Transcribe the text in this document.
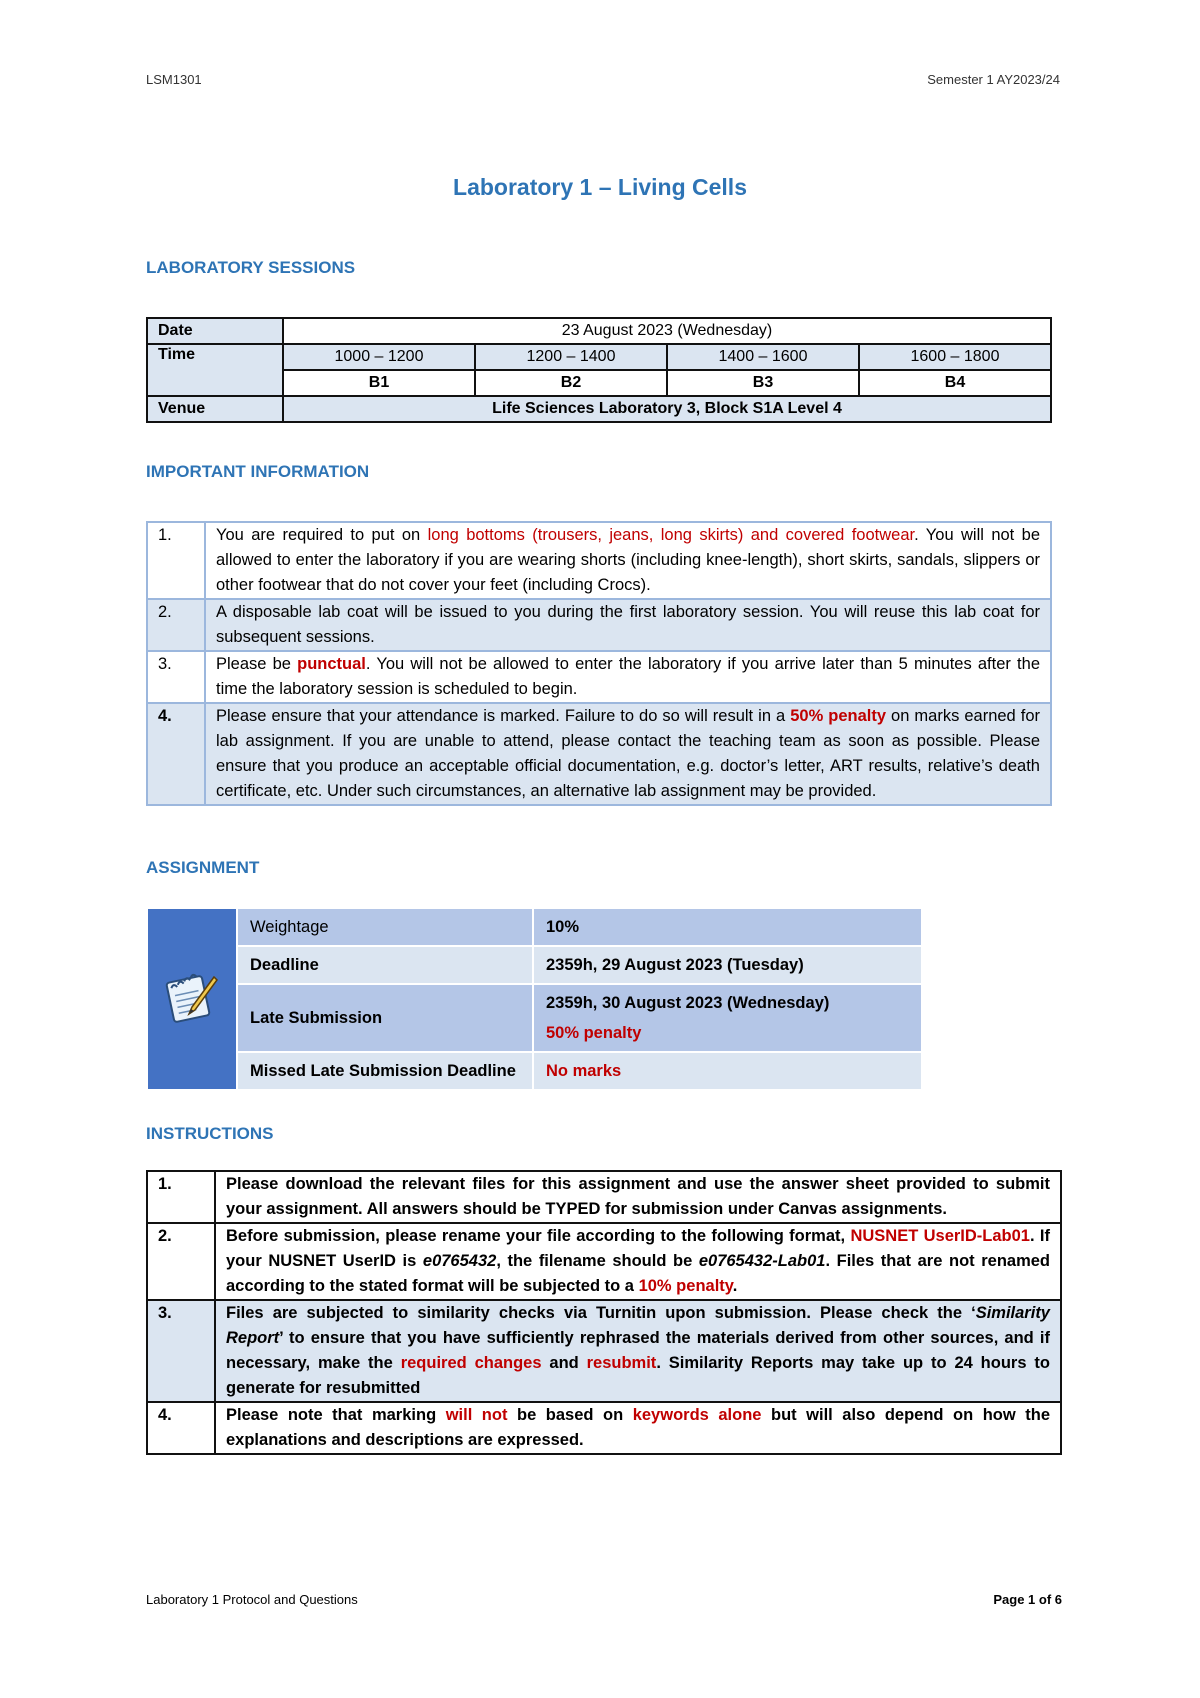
LSM1301	Semester 1 AY2023/24
Laboratory 1 – Living Cells
LABORATORY SESSIONS
Date	23 August 2023 (Wednesday)			
Time	1000 – 1200	1200 – 1400	1400 – 1600	1600 – 1800
	B1	B2	B3	B4
Venue	Life Sciences Laboratory 3, Block S1A Level 4			
IMPORTANT INFORMATION
1.	You are required to put on long bottoms (trousers, jeans, long skirts) and covered footwear. You will not be allowed to enter the laboratory if you are wearing shorts (including knee-length), short skirts, sandals, slippers or other footwear that do not cover your feet (including Crocs).
2.	A disposable lab coat will be issued to you during the first laboratory session. You will reuse this lab coat for subsequent sessions.
3.	Please be punctual. You will not be allowed to enter the laboratory if you arrive later than 5 minutes after the time the laboratory session is scheduled to begin.
4.	Please ensure that your attendance is marked. Failure to do so will result in a 50% penalty on marks earned for lab assignment. If you are unable to attend, please contact the teaching team as soon as possible. Please ensure that you produce an acceptable official documentation, e.g. doctor’s letter, ART results, relative’s death certificate, etc. Under such circumstances, an alternative lab assignment may be provided.
ASSIGNMENT
	Weightage	10%
	Deadline	2359h, 29 August 2023 (Tuesday)
	Late Submission	2359h, 30 August 2023 (Wednesday)
50% penalty

	Missed Late Submission Deadline	No marks
INSTRUCTIONS
1.	Please download the relevant files for this assignment and use the answer sheet provided to submit your assignment. All answers should be TYPED for submission under Canvas assignments.
2.	Before submission, please rename your file according to the following format, NUSNET UserID-Lab01. If your NUSNET UserID is e0765432, the filename should be e0765432-Lab01. Files that are not renamed according to the stated format will be subjected to a 10% penalty.
3.	Files are subjected to similarity checks via Turnitin upon submission. Please check the ‘Similarity Report’ to ensure that you have sufficiently rephrased the materials derived from other sources, and if necessary, make the required changes and resubmit. Similarity Reports may take up to 24 hours to generate for resubmitted
4.	Please note that marking will not be based on keywords alone but will also depend on how the explanations and descriptions are expressed.
Laboratory 1 Protocol and Questions	Page 1 of 6
